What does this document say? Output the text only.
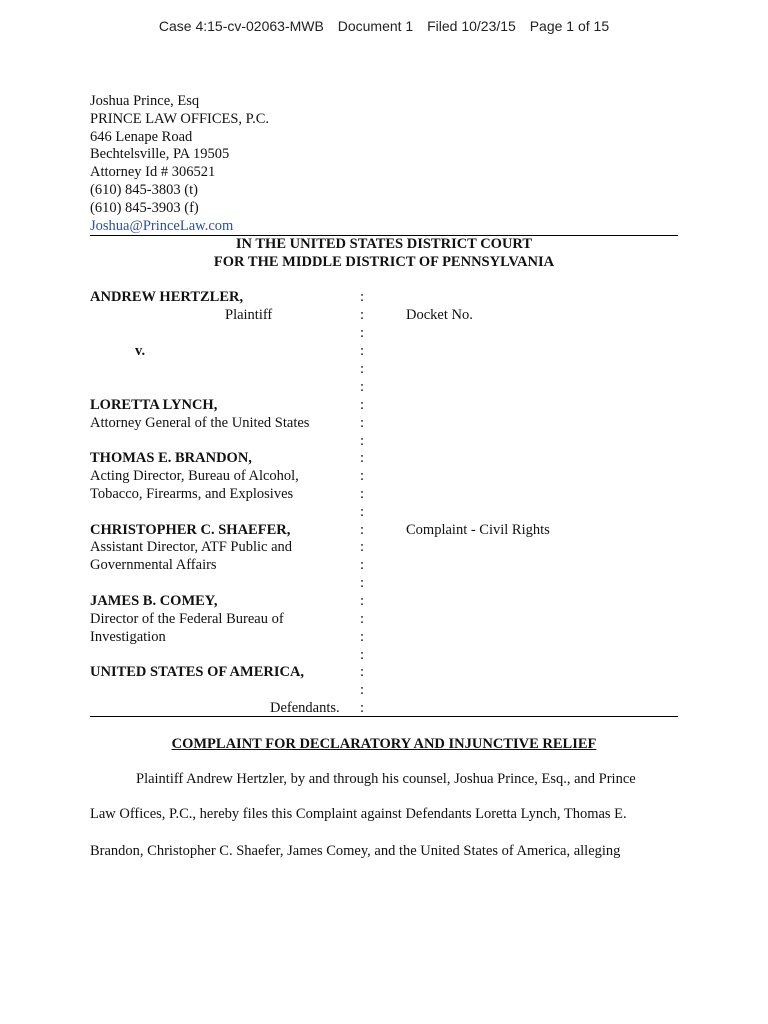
Case 4:15-cv-02063-MWB Document 1 Filed 10/23/15 Page 1 of 15
Joshua Prince, Esq
PRINCE LAW OFFICES, P.C.
646 Lenape Road
Bechtelsville, PA 19505
Attorney Id # 306521
(610) 845-3803 (t)
(610) 845-3903 (f)
Joshua@PrinceLaw.com
IN THE UNITED STATES DISTRICT COURT
FOR THE MIDDLE DISTRICT OF PENNSYLVANIA
ANDREW HERTZLER,	:
Plaintiff	:	Docket No.
:
v.	:
:
:
LORETTA LYNCH,	:
Attorney General of the United States	:
:
THOMAS E. BRANDON,	:
Acting Director, Bureau of Alcohol,	:
Tobacco, Firearms, and Explosives	:
:
CHRISTOPHER C. SHAEFER,	:	Complaint - Civil Rights
Assistant Director, ATF Public and	:
Governmental Affairs	:
:
JAMES B. COMEY,	:
Director of the Federal Bureau of	:
Investigation	:
:
UNITED STATES OF AMERICA,	:
:
Defendants. :
COMPLAINT FOR DECLARATORY AND INJUNCTIVE RELIEF
Plaintiff Andrew Hertzler, by and through his counsel, Joshua Prince, Esq., and Prince
Law Offices, P.C., hereby files this Complaint against Defendants Loretta Lynch, Thomas E.
Brandon, Christopher C. Shaefer, James Comey, and the United States of America, alleging
